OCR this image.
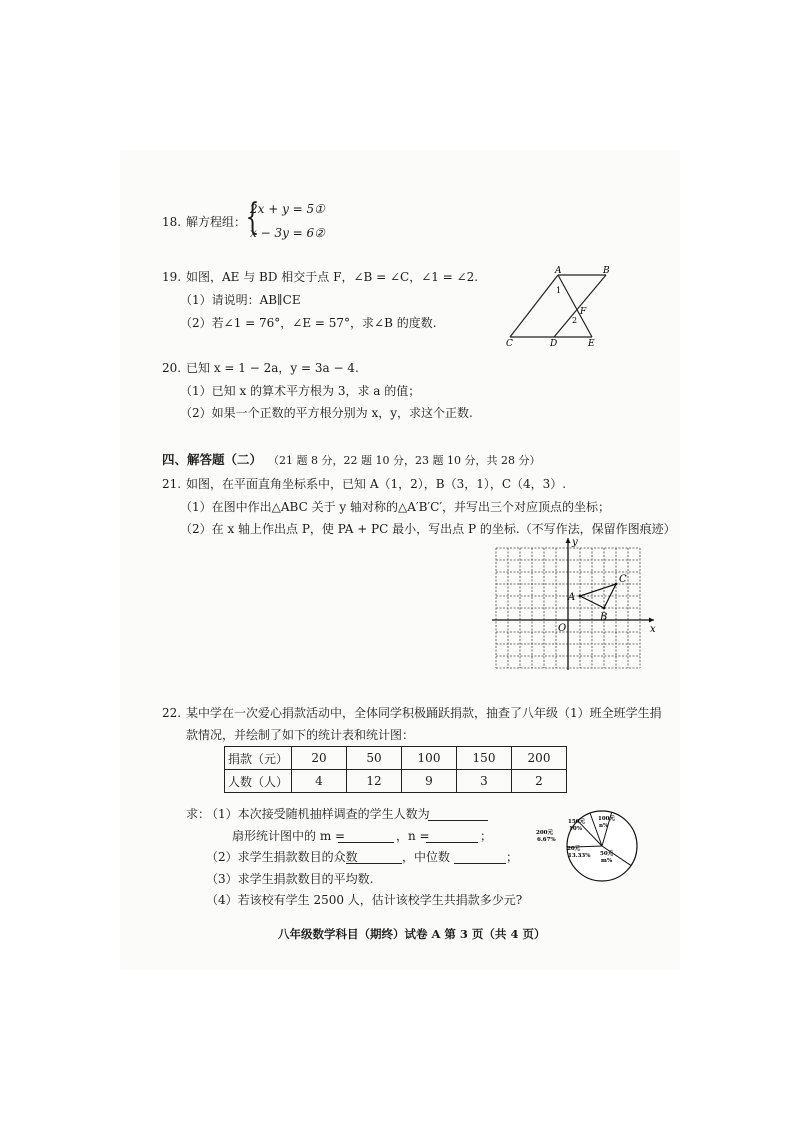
18. 解方程组： {
2x + y = 5①
x − 3y = 6②
19. 如图，AE 与 BD 相交于点 F，∠B = ∠C，∠1 = ∠2.
（1）请说明：AB∥CE
（2）若∠1 = 76°，∠E = 57°，求∠B 的度数.
A	B
C	D	E
F
1
2
20. 已知 x = 1 − 2a，y = 3a − 4.
（1）已知 x 的算术平方根为 3，求 a 的值；
（2）如果一个正数的平方根分别为 x，y，求这个正数.
四、解答题（二） （21 题 8 分，22 题 10 分，23 题 10 分，共 28 分）
21. 如图，在平面直角坐标系中，已知 A（1，2），B（3，1），C（4，3）.
（1）在图中作出△ABC 关于 y 轴对称的△A′B′C′，并写出三个对应顶点的坐标；
（2）在 x 轴上作出点 P，使 PA + PC 最小，写出点 P 的坐标.（不写作法，保留作图痕迹）
x
y
O
A
B
C
22. 某中学在一次爱心捐款活动中，全体同学积极踊跃捐款，抽查了八年级（1）班全班学生捐
款情况，并绘制了如下的统计表和统计图：
捐款（元）	20	50	100	150	200
人数（人）	4	12	9	3	2
求：
（1）本次接受随机抽样调查的学生人数为
扇形统计图中的 m =	，n =	；
（2）求学生捐款数目的众数	，中位数	；
（3）求学生捐款数目的平均数.
（4）若该校有学生 2500 人，估计该校学生共捐款多少元?
200元
6.67%
150元
10%
100元
n%
20元
13.33% 50元
m%
八年级数学科目（期终）试卷 A 第 3 页（共 4 页）
